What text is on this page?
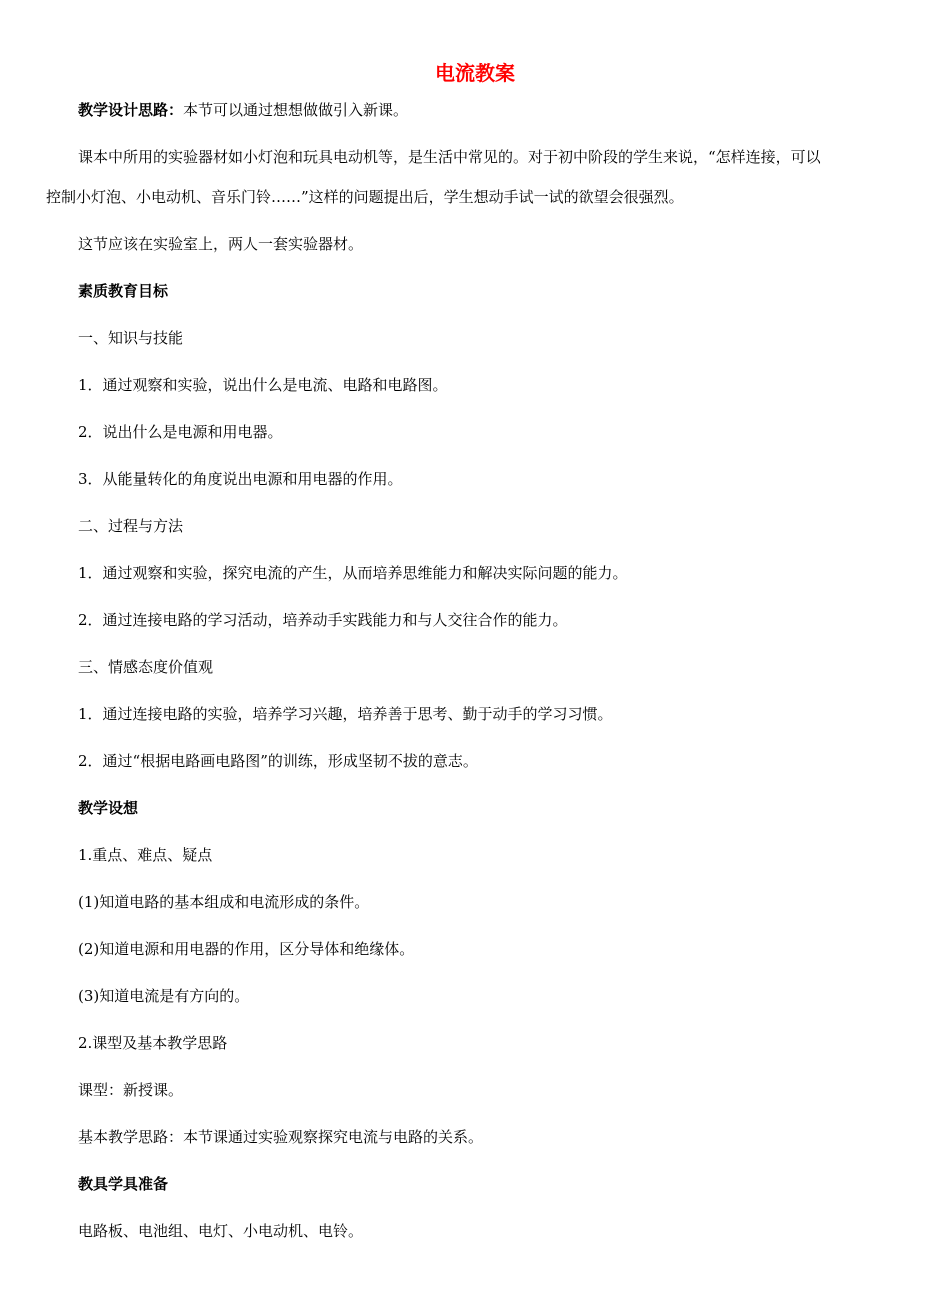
电流教案
教学设计思路：本节可以通过想想做做引入新课。
课本中所用的实验器材如小灯泡和玩具电动机等，是生活中常见的。对于初中阶段的学生来说，“怎样连接，可以
控制小灯泡、小电动机、音乐门铃……”这样的问题提出后，学生想动手试一试的欲望会很强烈。
这节应该在实验室上，两人一套实验器材。
素质教育目标
一、知识与技能
1．通过观察和实验，说出什么是电流、电路和电路图。
2．说出什么是电源和用电器。
3．从能量转化的角度说出电源和用电器的作用。
二、过程与方法
1．通过观察和实验，探究电流的产生，从而培养思维能力和解决实际问题的能力。
2．通过连接电路的学习活动，培养动手实践能力和与人交往合作的能力。
三、情感态度价值观
1．通过连接电路的实验，培养学习兴趣，培养善于思考、勤于动手的学习习惯。
2．通过“根据电路画电路图”的训练，形成坚韧不拔的意志。
教学设想
1.重点、难点、疑点
(1)知道电路的基本组成和电流形成的条件。
(2)知道电源和用电器的作用，区分导体和绝缘体。
(3)知道电流是有方向的。
2.课型及基本教学思路
课型：新授课。
基本教学思路：本节课通过实验观察探究电流与电路的关系。
教具学具准备
电路板、电池组、电灯、小电动机、电铃。
